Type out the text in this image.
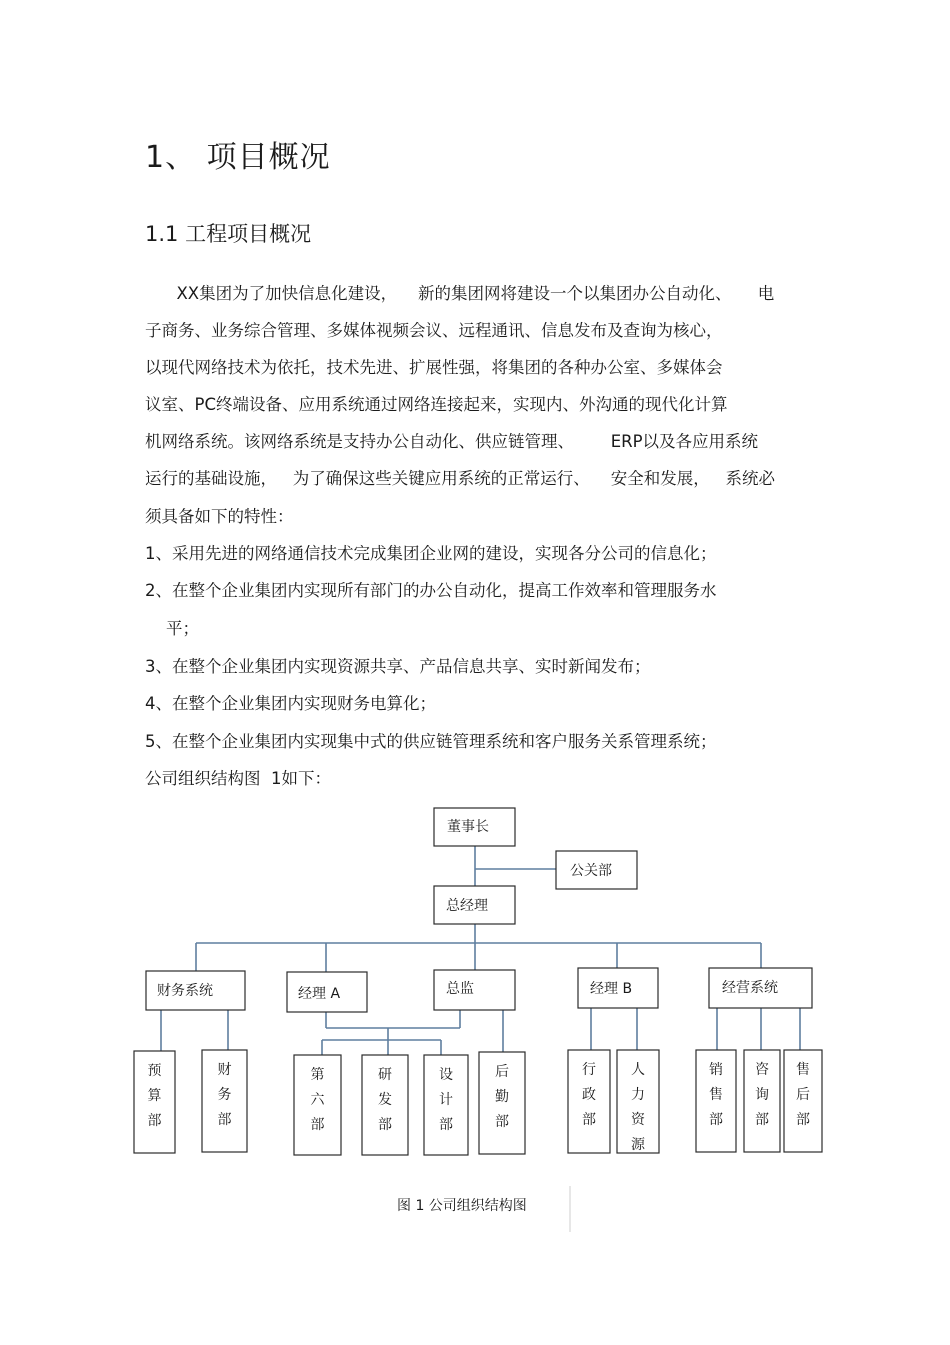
1、 项目概况
1.1 工程项目概况
XX集团为了加快信息化建设，    新的集团网将建设一个以集团办公自动化、     电
子商务、业务综合管理、多媒体视频会议、远程通讯、信息发布及查询为核心，
以现代网络技术为依托，技术先进、扩展性强，将集团的各种办公室、多媒体会
议室、PC终端设备、应用系统通过网络连接起来，实现内、外沟通的现代化计算
机网络系统。该网络系统是支持办公自动化、供应链管理、       ERP以及各应用系统
运行的基础设施，   为了确保这些关键应用系统的正常运行、    安全和发展，   系统必
须具备如下的特性：
1、采用先进的网络通信技术完成集团企业网的建设，实现各分公司的信息化；
2、在整个企业集团内实现所有部门的办公自动化，提高工作效率和管理服务水
平；
3、在整个企业集团内实现资源共享、产品信息共享、实时新闻发布；
4、在整个企业集团内实现财务电算化；
5、在整个企业集团内实现集中式的供应链管理系统和客户服务关系管理系统；
公司组织结构图  1如下：
董事长
公关部
总经理
财务系统	经理 A	总监	经理 B	经营系统
预算部
财务部
第六部
研发部
设计部
后勤部
行政部
人力资源
销售部
咨询部
售后部
图 1 公司组织结构图
